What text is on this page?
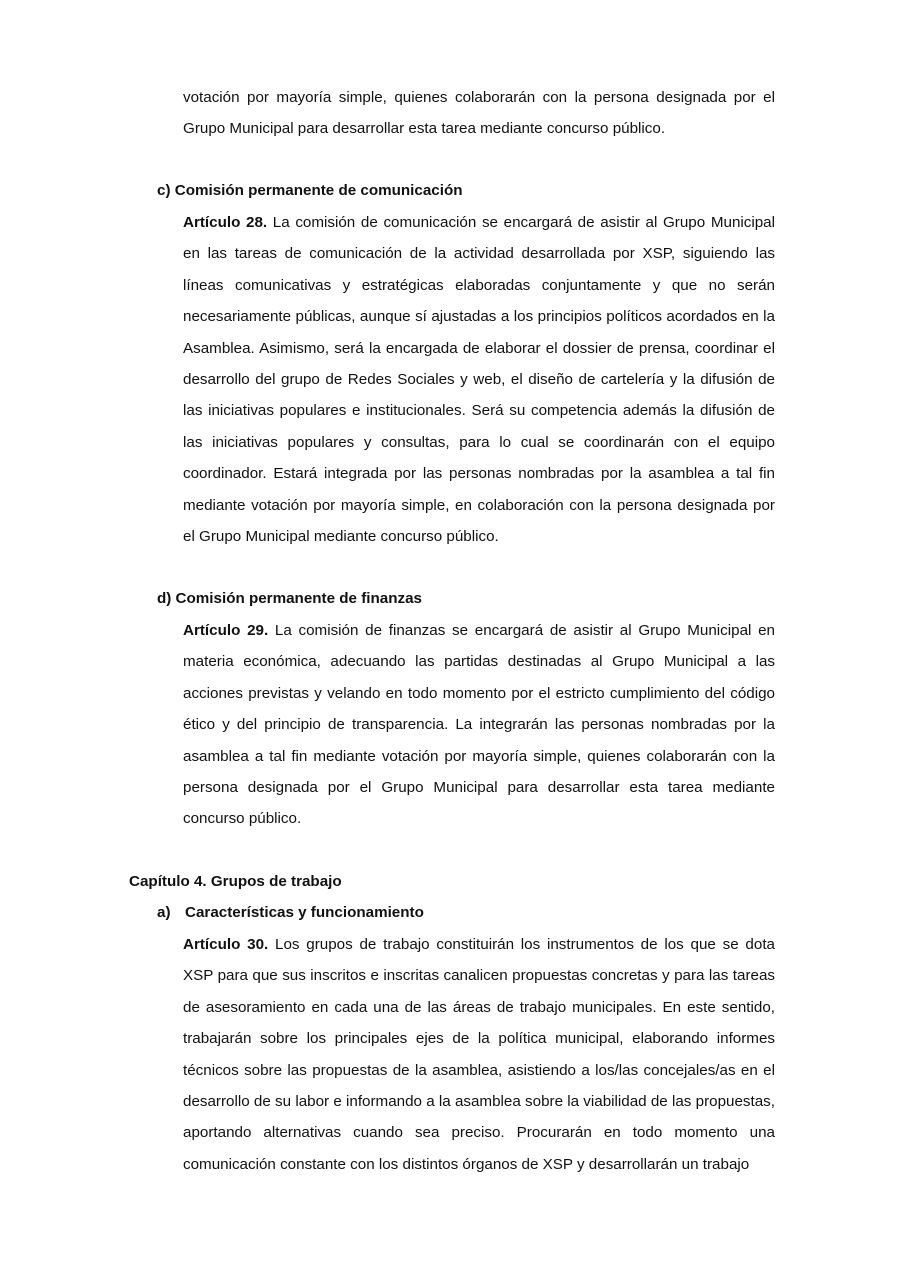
votación por mayoría simple, quienes colaborarán con la persona designada por el Grupo Municipal para desarrollar esta tarea mediante concurso público.

c) Comisión permanente de comunicación

Artículo 28. La comisión de comunicación se encargará de asistir al Grupo Municipal en las tareas de comunicación de la actividad desarrollada por XSP, siguiendo las líneas comunicativas y estratégicas elaboradas conjuntamente y que no serán necesariamente públicas, aunque sí ajustadas a los principios políticos acordados en la Asamblea. Asimismo, será la encargada de elaborar el dossier de prensa, coordinar el desarrollo del grupo de Redes Sociales y web, el diseño de cartelería y la difusión de las iniciativas populares e institucionales. Será su competencia además la difusión de las iniciativas populares y consultas, para lo cual se coordinarán con el equipo coordinador. Estará integrada por las personas nombradas por la asamblea a tal fin mediante votación por mayoría simple, en colaboración con la persona designada por el Grupo Municipal mediante concurso público.

d) Comisión permanente de finanzas

Artículo 29. La comisión de finanzas se encargará de asistir al Grupo Municipal en materia económica, adecuando las partidas destinadas al Grupo Municipal a las acciones previstas y velando en todo momento por el estricto cumplimiento del código ético y del principio de transparencia. La integrarán las personas nombradas por la asamblea a tal fin mediante votación por mayoría simple, quienes colaborarán con la persona designada por el Grupo Municipal para desarrollar esta tarea mediante concurso público.

Capítulo 4. Grupos de trabajo
a) Características y funcionamiento

Artículo 30. Los grupos de trabajo constituirán los instrumentos de los que se dota XSP para que sus inscritos e inscritas canalicen propuestas concretas y para las tareas de asesoramiento en cada una de las áreas de trabajo municipales. En este sentido, trabajarán sobre los principales ejes de la política municipal, elaborando informes técnicos sobre las propuestas de la asamblea, asistiendo a los/las concejales/as en el desarrollo de su labor e informando a la asamblea sobre la viabilidad de las propuestas, aportando alternativas cuando sea preciso. Procurarán en todo momento una comunicación constante con los distintos órganos de XSP y desarrollarán un trabajo
